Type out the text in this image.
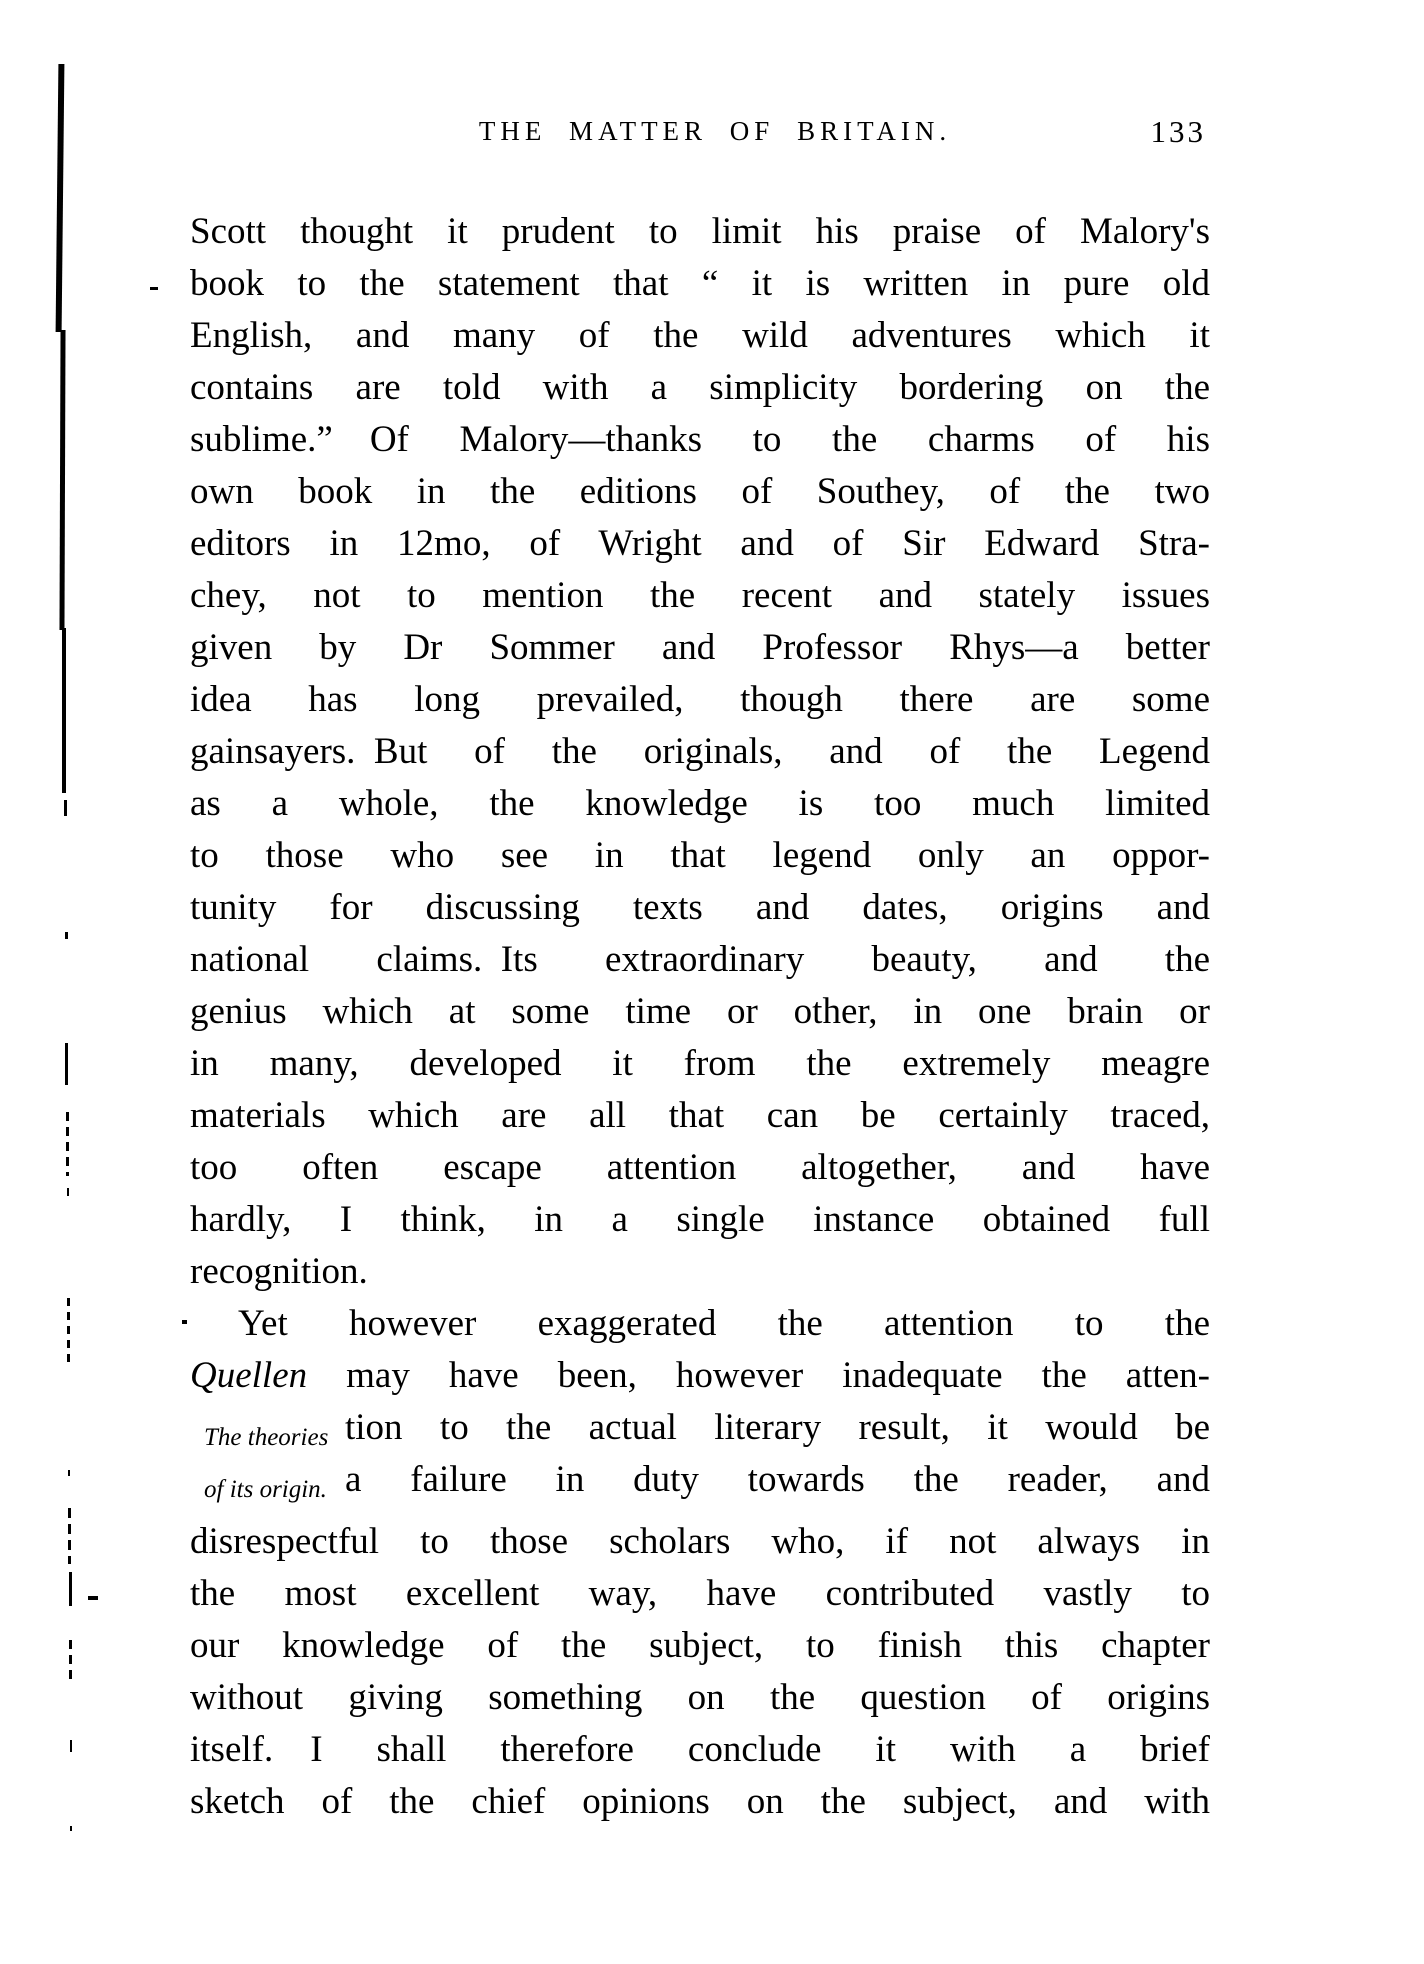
THE MATTER OF BRITAIN.	133
Scott thought it prudent to limit his praise of Malory's
book to the statement that “ it is written in pure old
English, and many of the wild adventures which it
contains are told with a simplicity bordering on the
sublime.” Of Malory—thanks to the charms of his
own book in the editions of Southey, of the two
editors in 12mo, of Wright and of Sir Edward Stra-
chey, not to mention the recent and stately issues
given by Dr Sommer and Professor Rhys—a better
idea has long prevailed, though there are some
gainsayers. But of the originals, and of the Legend
as a whole, the knowledge is too much limited
to those who see in that legend only an oppor-
tunity for discussing texts and dates, origins and
national claims. Its extraordinary beauty, and the
genius which at some time or other, in one brain or
in many, developed it from the extremely meagre
materials which are all that can be certainly traced,
too often escape attention altogether, and have
hardly, I think, in a single instance obtained full
recognition.
Yet however exaggerated the attention to the
Quellen may have been, however inadequate the atten-
The theories
of its origin.
tion to the actual literary result, it would be
a failure in duty towards the reader, and
disrespectful to those scholars who, if not always in
the most excellent way, have contributed vastly to
our knowledge of the subject, to finish this chapter
without giving something on the question of origins
itself. I shall therefore conclude it with a brief
sketch of the chief opinions on the subject, and with
